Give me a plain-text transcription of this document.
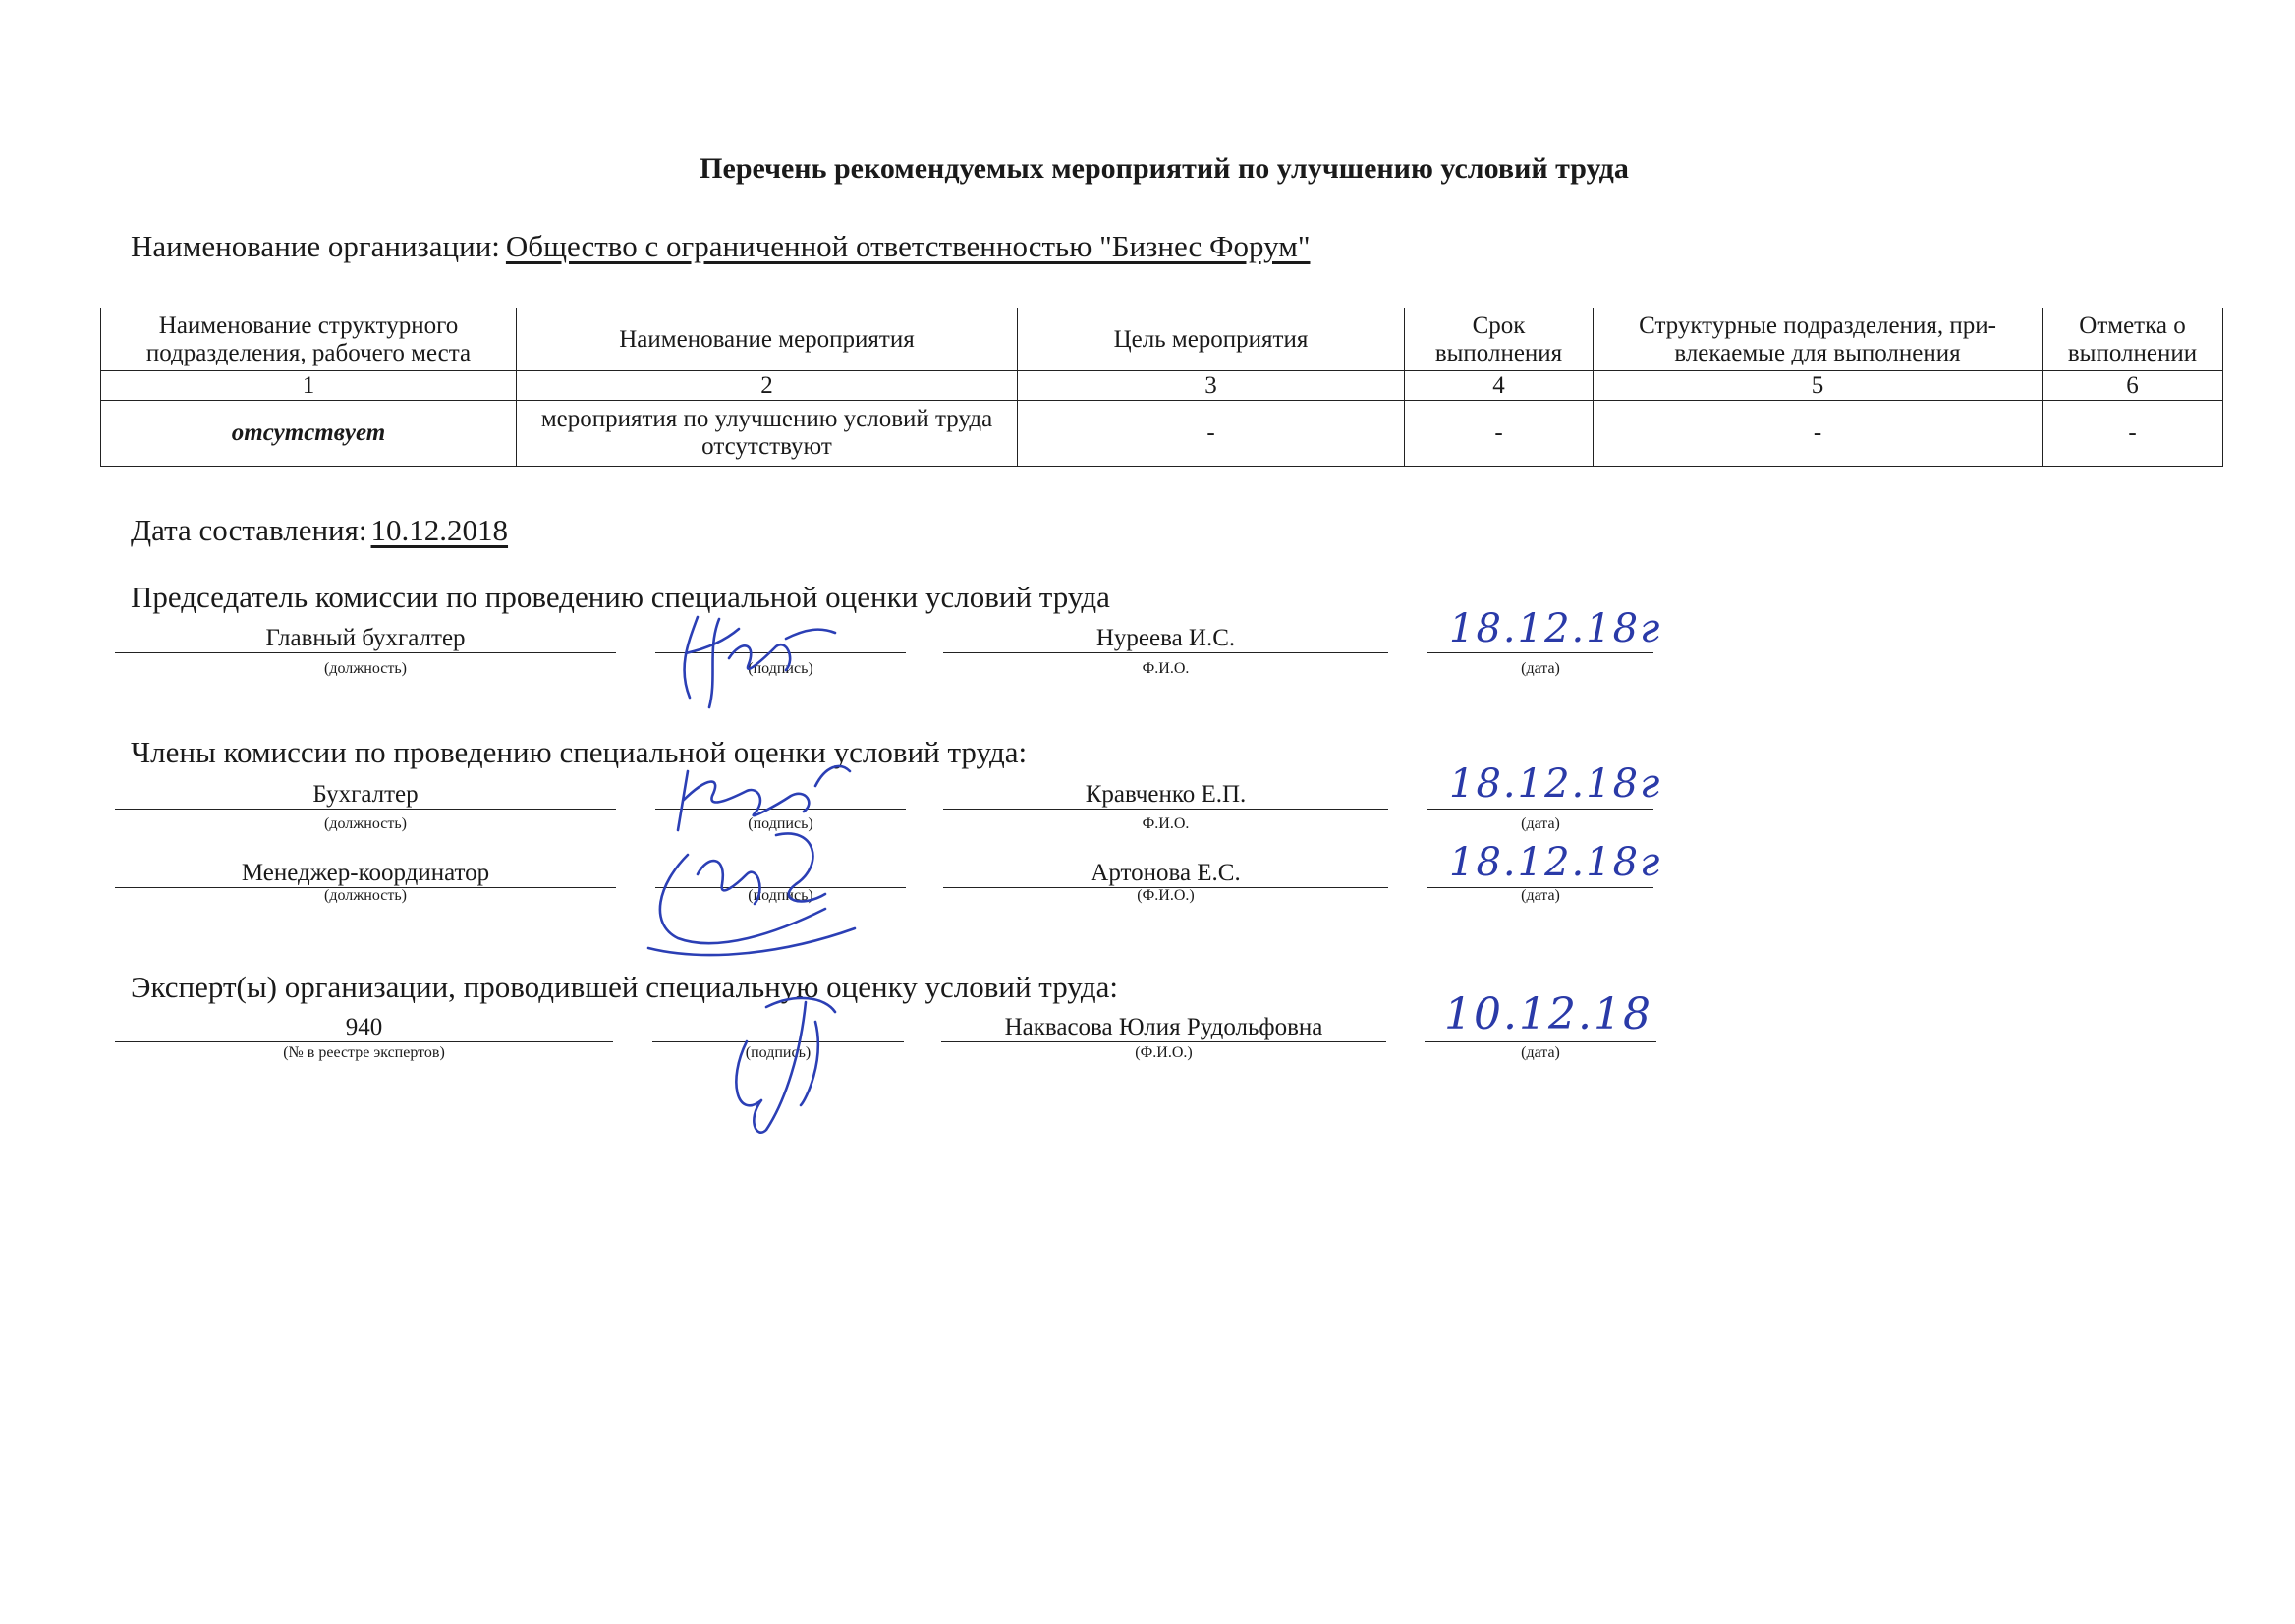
Перечень рекомендуемых мероприятий по улучшению условий труда
Наименование организации: Общество с ограниченной ответственностью "Бизнес Форум"
Наименование структурного подразделения, рабочего места	Наименование мероприятия	Цель мероприятия	Срок выполнения	Структурные подразделения, при-влекаемые для выполнения	Отметка о выполнении
1	2	3	4	5	6
отсутствует	мероприятия по улучшению условий труда отсутствуют	-	-	-	-
Дата составления: 10.12.2018
Председатель комиссии по проведению специальной оценки условий труда
Главный бухгалтер	Нуреева И.С.
(должность)	(подпись)	Ф.И.О.	(дата)
18.12.18г
Члены комиссии по проведению специальной оценки условий труда:
Бухгалтер	Кравченко Е.П.
(должность)	(подпись)	Ф.И.О.	(дата)
18.12.18г
Менеджер-координатор	Артонова Е.С.
(должность)	(подпись)	(Ф.И.О.)	(дата)
18.12.18г
Эксперт(ы) организации, проводившей специальную оценку условий труда:
940	Наквасова Юлия Рудольфовна
(№ в реестре экспертов)	(подпись)	(Ф.И.О.)	(дата)
10.12.18
